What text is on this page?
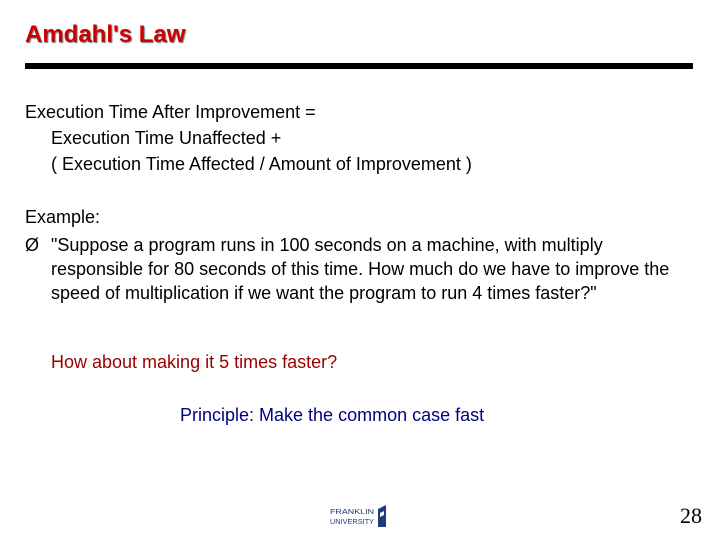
Amdahl's Law
Execution Time After Improvement =
Execution Time Unaffected +
( Execution Time Affected / Amount of Improvement )
Example:
Ø "Suppose a program runs in 100 seconds on a machine, with multiply responsible for 80 seconds of this time. How much do we have to improve the speed of multiplication if we want the program to run 4 times faster?"
How about making it 5 times faster?
Principle: Make the common case fast
FRANKLIN
UNIVERSITY	28
